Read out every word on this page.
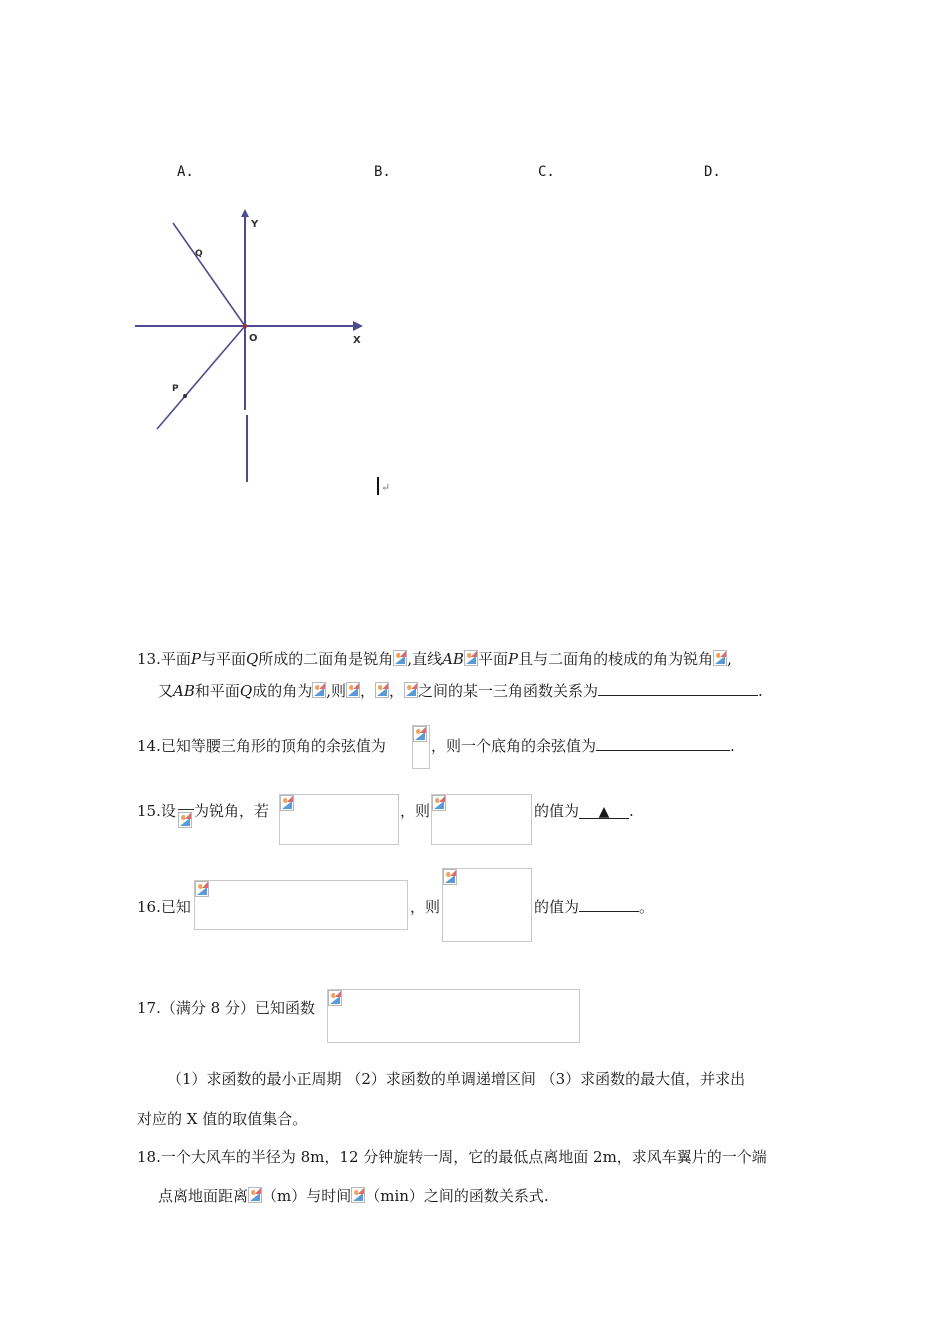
A.	B.	C.	D.
Y
X
O
Q
P
↵
13.平面P与平面Q所成的二面角是锐角 ,直线AB 平面P且与二面角的棱成的角为锐角 ,
又AB和平面Q成的角为 ,则 ， ， 之间的某一三角函数关系为	.
14.已知等腰三角形的顶角的余弦值为	，则一个底角的余弦值为	.
15.设 为锐角，若	，则	的值为 ▲ .
16.已知	，则	的值为	。
17.（满分 8 分）已知函数
（1）求函数的最小正周期 （2）求函数的单调递增区间 （3）求函数的最大值，并求出
对应的 X 值的取值集合。
18.一个大风车的半径为 8m，12 分钟旋转一周，它的最低点离地面 2m，求风车翼片的一个端
点离地面距离 （m）与时间 （min）之间的函数关系式.
